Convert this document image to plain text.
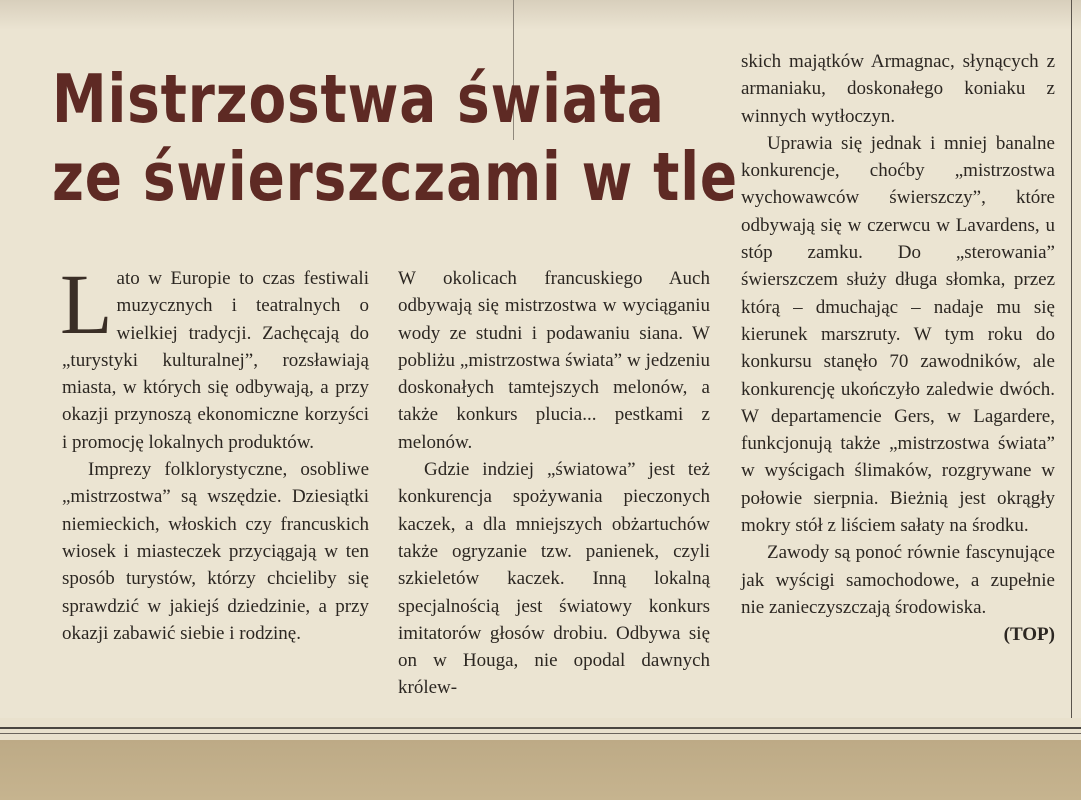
Mistrzostwa świata
ze świerszczami w tle

Lato w Europie to czas festiwali muzycznych i teatralnych o wielkiej tradycji. Zachęcają do „turystyki kulturalnej”, rozsławiają miasta, w których się odbywają, a przy okazji przynoszą ekonomiczne korzyści i promocję lokalnych produktów.

Imprezy folklorystyczne, osobliwe „mistrzostwa” są wszędzie. Dziesiątki niemieckich, włoskich czy francuskich wiosek i miasteczek przyciągają w ten sposób turystów, którzy chcieliby się sprawdzić w jakiejś dziedzinie, a przy okazji zabawić siebie i rodzinę.

W okolicach francuskiego Auch odbywają się mistrzostwa w wyciąganiu wody ze studni i podawaniu siana. W pobliżu „mistrzostwa świata” w jedzeniu doskonałych tamtejszych melonów, a także konkurs plucia... pestkami z melonów.

Gdzie indziej „światowa” jest też konkurencja spożywania pieczonych kaczek, a dla mniejszych obżartuchów także ogryzanie tzw. panienek, czyli szkieletów kaczek. Inną lokalną specjalnością jest światowy konkurs imitatorów głosów drobiu. Odbywa się on w Houga, nie opodal dawnych królew-

skich majątków Armagnac, słynących z armaniaku, doskonałego koniaku z winnych wytłoczyn.

Uprawia się jednak i mniej banalne konkurencje, choćby „mistrzostwa wychowawców świerszczy”, które odbywają się w czerwcu w Lavardens, u stóp zamku. Do „sterowania” świerszczem służy długa słomka, przez którą – dmuchając – nadaje mu się kierunek marszruty. W tym roku do konkursu stanęło 70 zawodników, ale konkurencję ukończyło zaledwie dwóch. W departamencie Gers, w Lagardere, funkcjonują także „mistrzostwa świata” w wyścigach ślimaków, rozgrywane w połowie sierpnia. Bieżnią jest okrągły mokry stół z liściem sałaty na środku.

Zawody są ponoć równie fascynujące jak wyścigi samochodowe, a zupełnie nie zanieczyszczają środowiska.
(TOP)
